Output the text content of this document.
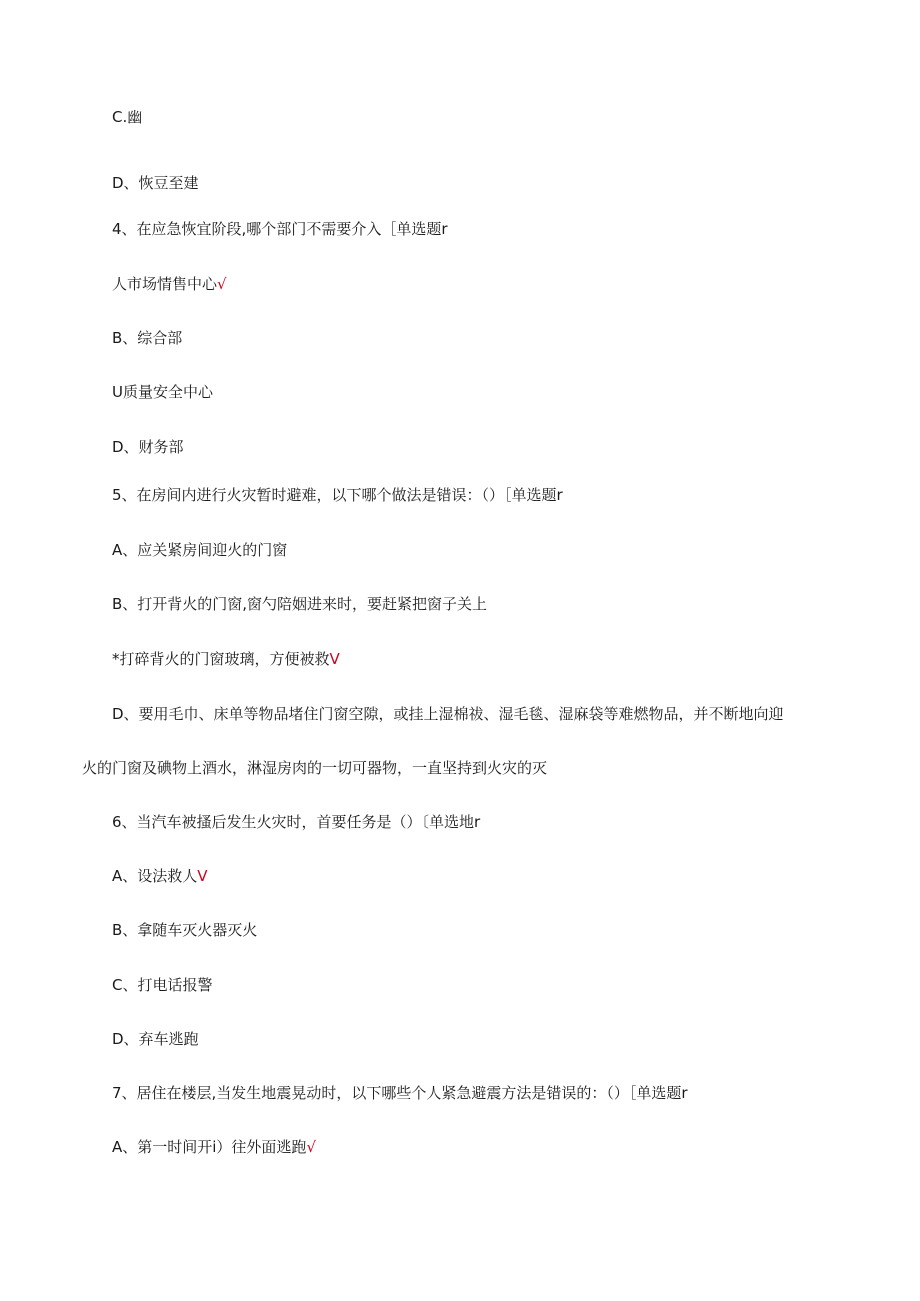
C.幽
D、恢豆至建
4、在应急恢宜阶段,哪个部门不需要介入［单选题r
人市场情售中心√
B、综合部
U质量安全中心
D、财务部
5、在房间内进行火灾暂时避难，以下哪个做法是错误：（）［单选题r
A、应关紧房间迎火的门窗
B、打开背火的门窗,窗勺陪姻进来时，要赶紧把窗子关上
*打碎背火的门窗玻璃，方便被救V
D、要用毛巾、床单等物品堵住门窗空隙，或挂上湿棉祓、湿毛毯、湿麻袋等难燃物品，并不断地向迎
火的门窗及碘物上酒水，淋湿房肉的一切可器物，一直坚持到火灾的灭
6、当汽车被搔后发生火灾时，首要任务是（）〔单选地r
A、设法救人V
B、拿随车灭火器灭火
C、打电话报警
D、弃车逃跑
7、居住在楼层,当发生地震晃动时，以下哪些个人紧急避震方法是错误的：（）［单选题r
A、第一时间开i）往外面逃跑√
